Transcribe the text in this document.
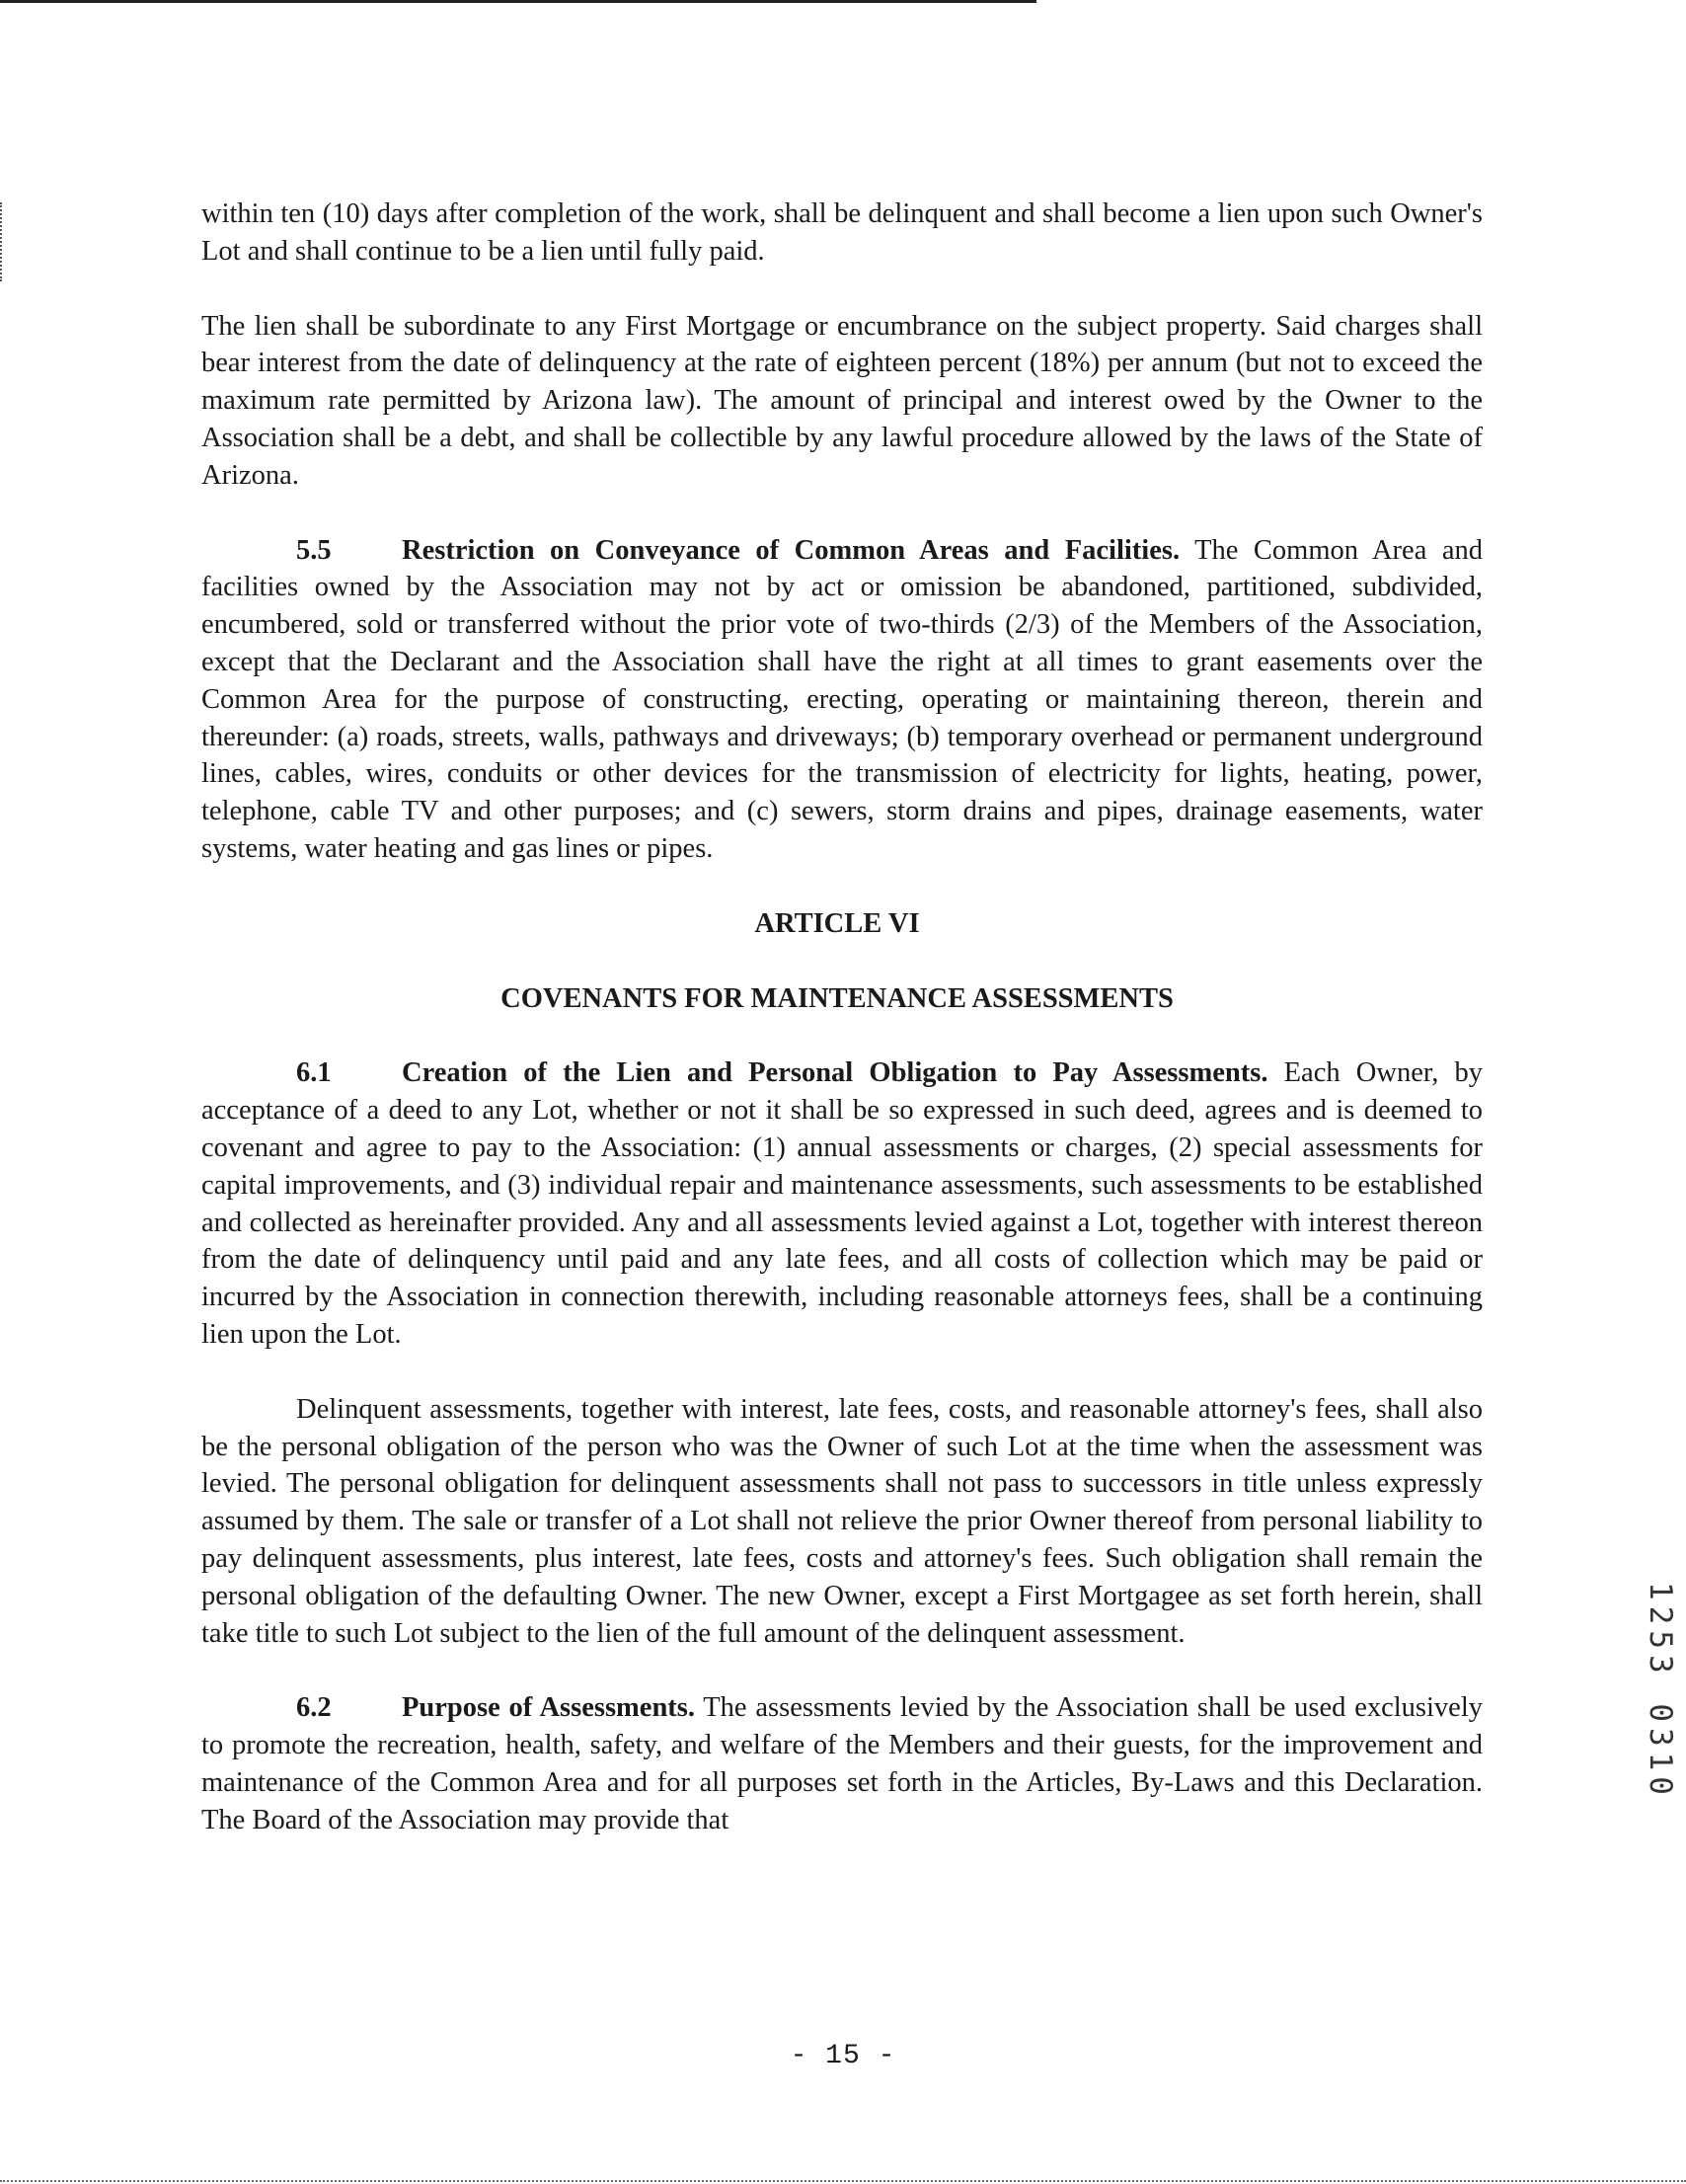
within ten (10) days after completion of the work, shall be delinquent and shall become a lien upon such Owner's Lot and shall continue to be a lien until fully paid.

The lien shall be subordinate to any First Mortgage or encumbrance on the subject property. Said charges shall bear interest from the date of delinquency at the rate of eighteen percent (18%) per annum (but not to exceed the maximum rate permitted by Arizona law). The amount of principal and interest owed by the Owner to the Association shall be a debt, and shall be collectible by any lawful procedure allowed by the laws of the State of Arizona.

5.5	Restriction on Conveyance of Common Areas and Facilities. The Common Area and facilities owned by the Association may not by act or omission be abandoned, partitioned, subdivided, encumbered, sold or transferred without the prior vote of two-thirds (2/3) of the Members of the Association, except that the Declarant and the Association shall have the right at all times to grant easements over the Common Area for the purpose of constructing, erecting, operating or maintaining thereon, therein and thereunder: (a) roads, streets, walls, pathways and driveways; (b) temporary overhead or permanent underground lines, cables, wires, conduits or other devices for the transmission of electricity for lights, heating, power, telephone, cable TV and other purposes; and (c) sewers, storm drains and pipes, drainage easements, water systems, water heating and gas lines or pipes.

ARTICLE VI
COVENANTS FOR MAINTENANCE ASSESSMENTS

6.1	Creation of the Lien and Personal Obligation to Pay Assessments. Each Owner, by acceptance of a deed to any Lot, whether or not it shall be so expressed in such deed, agrees and is deemed to covenant and agree to pay to the Association: (1) annual assessments or charges, (2) special assessments for capital improvements, and (3) individual repair and maintenance assessments, such assessments to be established and collected as hereinafter provided. Any and all assessments levied against a Lot, together with interest thereon from the date of delinquency until paid and any late fees, and all costs of collection which may be paid or incurred by the Association in connection therewith, including reasonable attorneys fees, shall be a continuing lien upon the Lot.

Delinquent assessments, together with interest, late fees, costs, and reasonable attorney's fees, shall also be the personal obligation of the person who was the Owner of such Lot at the time when the assessment was levied. The personal obligation for delinquent assessments shall not pass to successors in title unless expressly assumed by them. The sale or transfer of a Lot shall not relieve the prior Owner thereof from personal liability to pay delinquent assessments, plus interest, late fees, costs and attorney's fees. Such obligation shall remain the personal obligation of the defaulting Owner. The new Owner, except a First Mortgagee as set forth herein, shall take title to such Lot subject to the lien of the full amount of the delinquent assessment.

6.2	Purpose of Assessments. The assessments levied by the Association shall be used exclusively to promote the recreation, health, safety, and welfare of the Members and their guests, for the improvement and maintenance of the Common Area and for all purposes set forth in the Articles, By-Laws and this Declaration. The Board of the Association may provide that

- 15 -
1253 0310
